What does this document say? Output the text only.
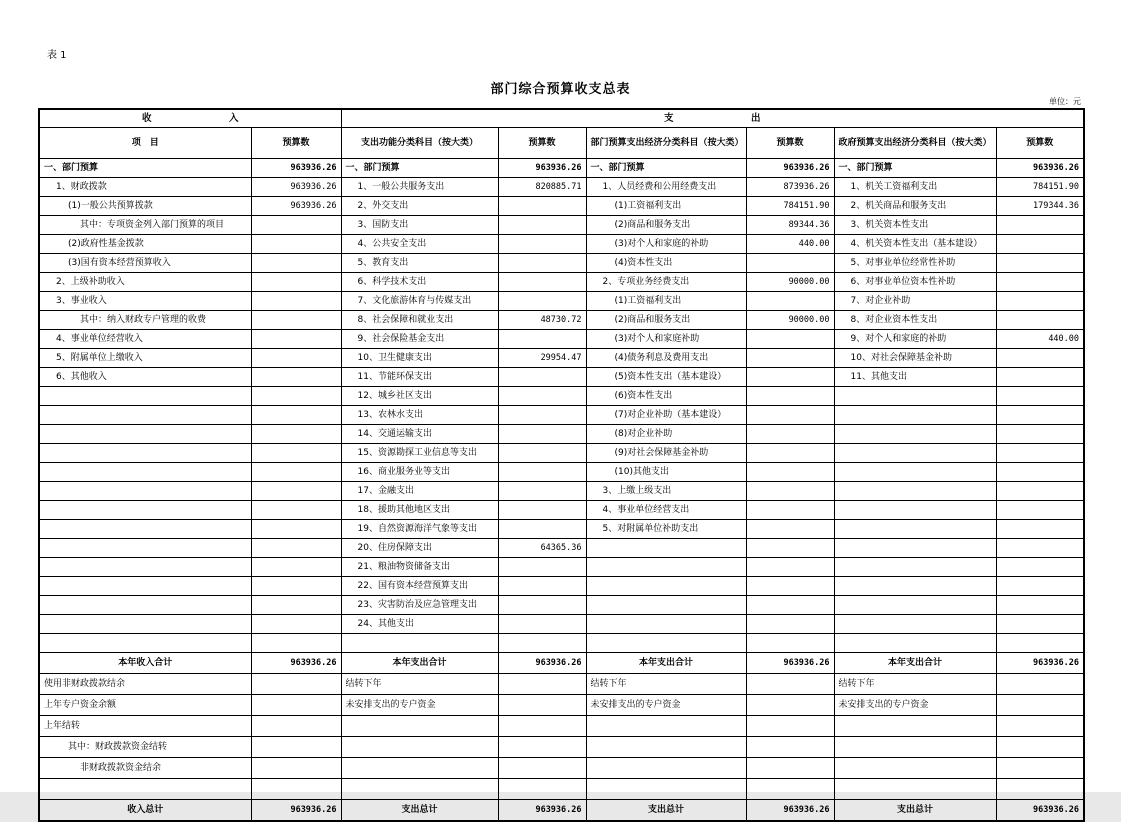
表 1
部门综合预算收支总表
单位：元
收　入		支　出					
项　目	预算数	支出功能分类科目（按大类）	预算数	部门预算支出经济分类科目（按大类）	预算数	政府预算支出经济分类科目（按大类）	预算数
一、部门预算	963936.26	一、部门预算	963936.26	一、部门预算	963936.26	一、部门预算	963936.26
1、财政拨款	963936.26	1、一般公共服务支出	820885.71	1、人员经费和公用经费支出	873936.26	1、机关工资福利支出	784151.90
(1)一般公共预算拨款	963936.26	2、外交支出		(1)工资福利支出	784151.90	2、机关商品和服务支出	179344.36
其中：专项资金列入部门预算的项目		3、国防支出		(2)商品和服务支出	89344.36	3、机关资本性支出	
(2)政府性基金拨款		4、公共安全支出		(3)对个人和家庭的补助	440.00	4、机关资本性支出（基本建设）	
(3)国有资本经营预算收入		5、教育支出		(4)资本性支出		5、对事业单位经常性补助	
2、上级补助收入		6、科学技术支出		2、专项业务经费支出	90000.00	6、对事业单位资本性补助	
3、事业收入		7、文化旅游体育与传媒支出		(1)工资福利支出		7、对企业补助	
其中：纳入财政专户管理的收费		8、社会保障和就业支出	48730.72	(2)商品和服务支出	90000.00	8、对企业资本性支出	
4、事业单位经营收入		9、社会保险基金支出		(3)对个人和家庭补助		9、对个人和家庭的补助	440.00
5、附属单位上缴收入		10、卫生健康支出	29954.47	(4)债务利息及费用支出		10、对社会保障基金补助	
6、其他收入		11、节能环保支出		(5)资本性支出（基本建设）		11、其他支出	
		12、城乡社区支出		(6)资本性支出			
		13、农林水支出		(7)对企业补助（基本建设）			
		14、交通运输支出		(8)对企业补助			
		15、资源勘探工业信息等支出		(9)对社会保障基金补助			
		16、商业服务业等支出		(10)其他支出			
		17、金融支出		3、上缴上级支出			
		18、援助其他地区支出		4、事业单位经营支出			
		19、自然资源海洋气象等支出		5、对附属单位补助支出			
		20、住房保障支出	64365.36				
		21、粮油物资储备支出					
		22、国有资本经营预算支出					
		23、灾害防治及应急管理支出					
		24、其他支出					

本年收入合计	963936.26	本年支出合计	963936.26	本年支出合计	963936.26	本年支出合计	963936.26
使用非财政拨款结余		结转下年		结转下年		结转下年	
上年专户资金余额		未安排支出的专户资金		未安排支出的专户资金		未安排支出的专户资金	
上年结转							
其中：财政拨款资金结转							
非财政拨款资金结余							

收入总计	963936.26	支出总计	963936.26	支出总计	963936.26	支出总计	963936.26
